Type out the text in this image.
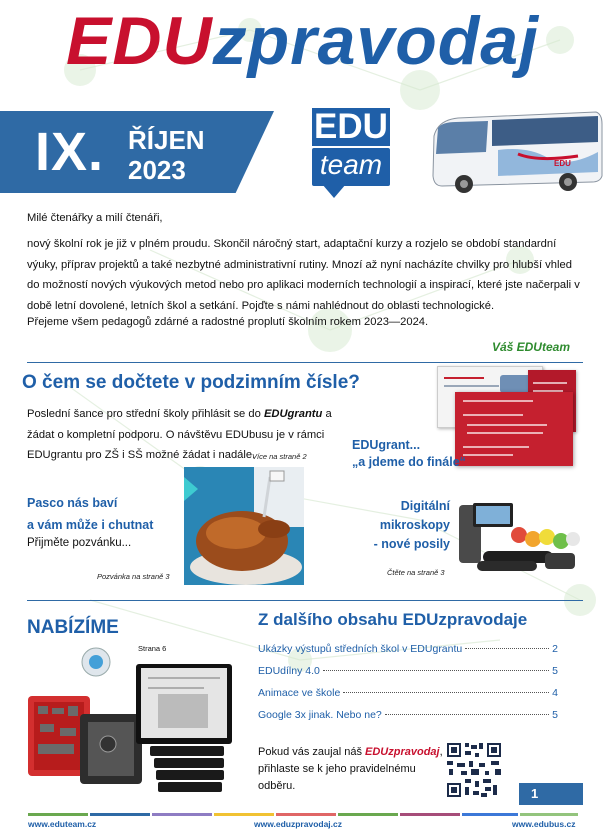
EDUzpravodaj
IX. ŘÍJEN
2023
EDU
team	EDU
Milé čtenářky a milí čtenáři,
nový školní rok je již v plném proudu. Skončil náročný start, adaptační kurzy a rozjelo se období standardní výuky, příprav projektů a také nezbytné administrativní rutiny. Mnozí až nyní nacházíte chvilky pro hlubší vhled do možností nových výukových metod nebo pro aplikaci moderních technologií a inspirací, které jste načerpali v době letní dovolené, letních škol a setkání. Pojďte s námi nahlédnout do oblasti technologické.
Přejeme všem pedagogů zdárné a radostné proplutí školním rokem 2023—2024.
Váš EDUteam
O čem se dočtete v podzimním čísle?
Poslední šance pro střední školy přihlásit se do EDUgrantu a žádat o kompletní podporu. O návštěvu EDUbusu je v rámci EDUgrantu pro ZŠ i SŠ možné žádat i nadále.
Více na straně 2
EDUgrant...
„a jdeme do finále“
Pasco nás baví
a vám může i chutnat
Přijměte pozvánku...
Pozvánka na straně 3
Digitální
mikroskopy
- nové posily
Čtěte na straně 3
NABÍZÍME
Strana 6
Z dalšího obsahu EDUzpravodaje
Ukázky výstupů středních škol v EDUgrantu	2
EDUdílny 4.0	5
Animace ve škole	4
Google 3x jinak. Nebo ne?	5
Pokud vás zaujal náš EDUzpravodaj, přihlaste se k jeho pravidelnému odběru.	1
www.eduteam.cz	www.eduzpravodaj.cz	www.edubus.cz
